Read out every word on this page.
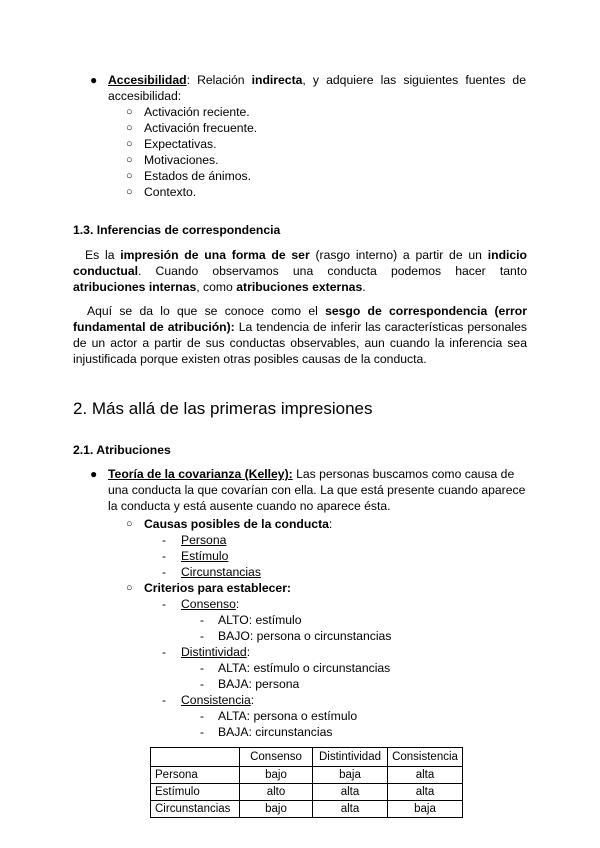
● Accesibilidad: Relación indirecta, y adquiere las siguientes fuentes de accesibilidad:
○ Activación reciente.
○ Activación frecuente.
○ Expectativas.
○ Motivaciones.
○ Estados de ánimos.
○ Contexto.
1.3. Inferencias de correspondencia
Es la impresión de una forma de ser (rasgo interno) a partir de un indicio conductual. Cuando observamos una conducta podemos hacer tanto atribuciones internas, como atribuciones externas.
Aquí se da lo que se conoce como el sesgo de correspondencia (error fundamental de atribución): La tendencia de inferir las características personales de un actor a partir de sus conductas observables, aun cuando la inferencia sea injustificada porque existen otras posibles causas de la conducta.
2. Más allá de las primeras impresiones
2.1. Atribuciones
● Teoría de la covarianza (Kelley): Las personas buscamos como causa de una conducta la que covarían con ella. La que está presente cuando aparece la conducta y está ausente cuando no aparece ésta.
○ Causas posibles de la conducta:
- Persona
- Estímulo
- Circunstancias
○ Criterios para establecer:
- Consenso:
- ALTO: estímulo
- BAJO: persona o circunstancias
- Distintividad:
- ALTA: estímulo o circunstancias
- BAJA: persona
- Consistencia:
- ALTA: persona o estímulo
- BAJA: circunstancias
	Consenso	Distintividad	Consistencia
Persona	bajo	baja	alta
Estímulo	alto	alta	alta
Circunstancias	bajo	alta	baja
